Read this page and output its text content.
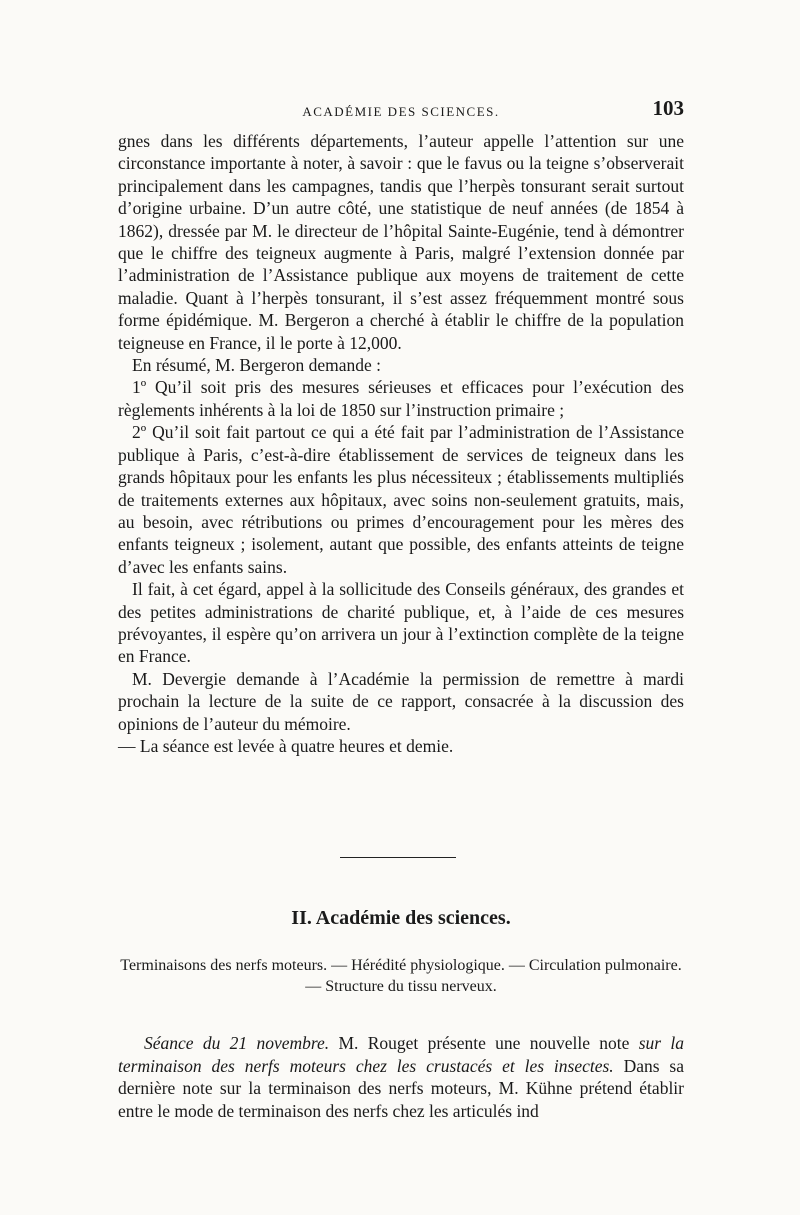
ACADÉMIE DES SCIENCES.	103

gnes dans les différents départements, l’auteur appelle l’attention sur une circonstance importante à noter, à savoir : que le favus ou la teigne s’observerait principalement dans les campagnes, tandis que l’herpès tonsurant serait surtout d’origine urbaine. D’un autre côté, une statistique de neuf années (de 1854 à 1862), dressée par M. le directeur de l’hôpital Sainte-Eugénie, tend à démontrer que le chiffre des teigneux augmente à Paris, malgré l’extension donnée par l’administration de l’Assistance publique aux moyens de traitement de cette maladie. Quant à l’herpès tonsurant, il s’est assez fréquemment montré sous forme épidémique. M. Bergeron a cherché à établir le chiffre de la population teigneuse en France, il le porte à 12,000.

En résumé, M. Bergeron demande :

1º Qu’il soit pris des mesures sérieuses et efficaces pour l’exécution des règlements inhérents à la loi de 1850 sur l’instruction primaire ;

2º Qu’il soit fait partout ce qui a été fait par l’administration de l’Assistance publique à Paris, c’est-à-dire établissement de services de teigneux dans les grands hôpitaux pour les enfants les plus nécessiteux ; établissements multipliés de traitements externes aux hôpitaux, avec soins non-seulement gratuits, mais, au besoin, avec rétributions ou primes d’encouragement pour les mères des enfants teigneux ; isolement, autant que possible, des enfants atteints de teigne d’avec les enfants sains.

Il fait, à cet égard, appel à la sollicitude des Conseils généraux, des grandes et des petites administrations de charité publique, et, à l’aide de ces mesures prévoyantes, il espère qu’on arrivera un jour à l’extinction complète de la teigne en France.

M. Devergie demande à l’Académie la permission de remettre à mardi prochain la lecture de la suite de ce rapport, consacrée à la discussion des opinions de l’auteur du mémoire.

— La séance est levée à quatre heures et demie.

II. Académie des sciences.
Terminaisons des nerfs moteurs. — Hérédité physiologique. — Circulation pulmonaire. — Structure du tissu nerveux.

Séance du 21 novembre. M. Rouget présente une nouvelle note sur la terminaison des nerfs moteurs chez les crustacés et les insectes. Dans sa dernière note sur la terminaison des nerfs moteurs, M. Kühne prétend établir entre le mode de terminaison des nerfs chez les articulés ind
